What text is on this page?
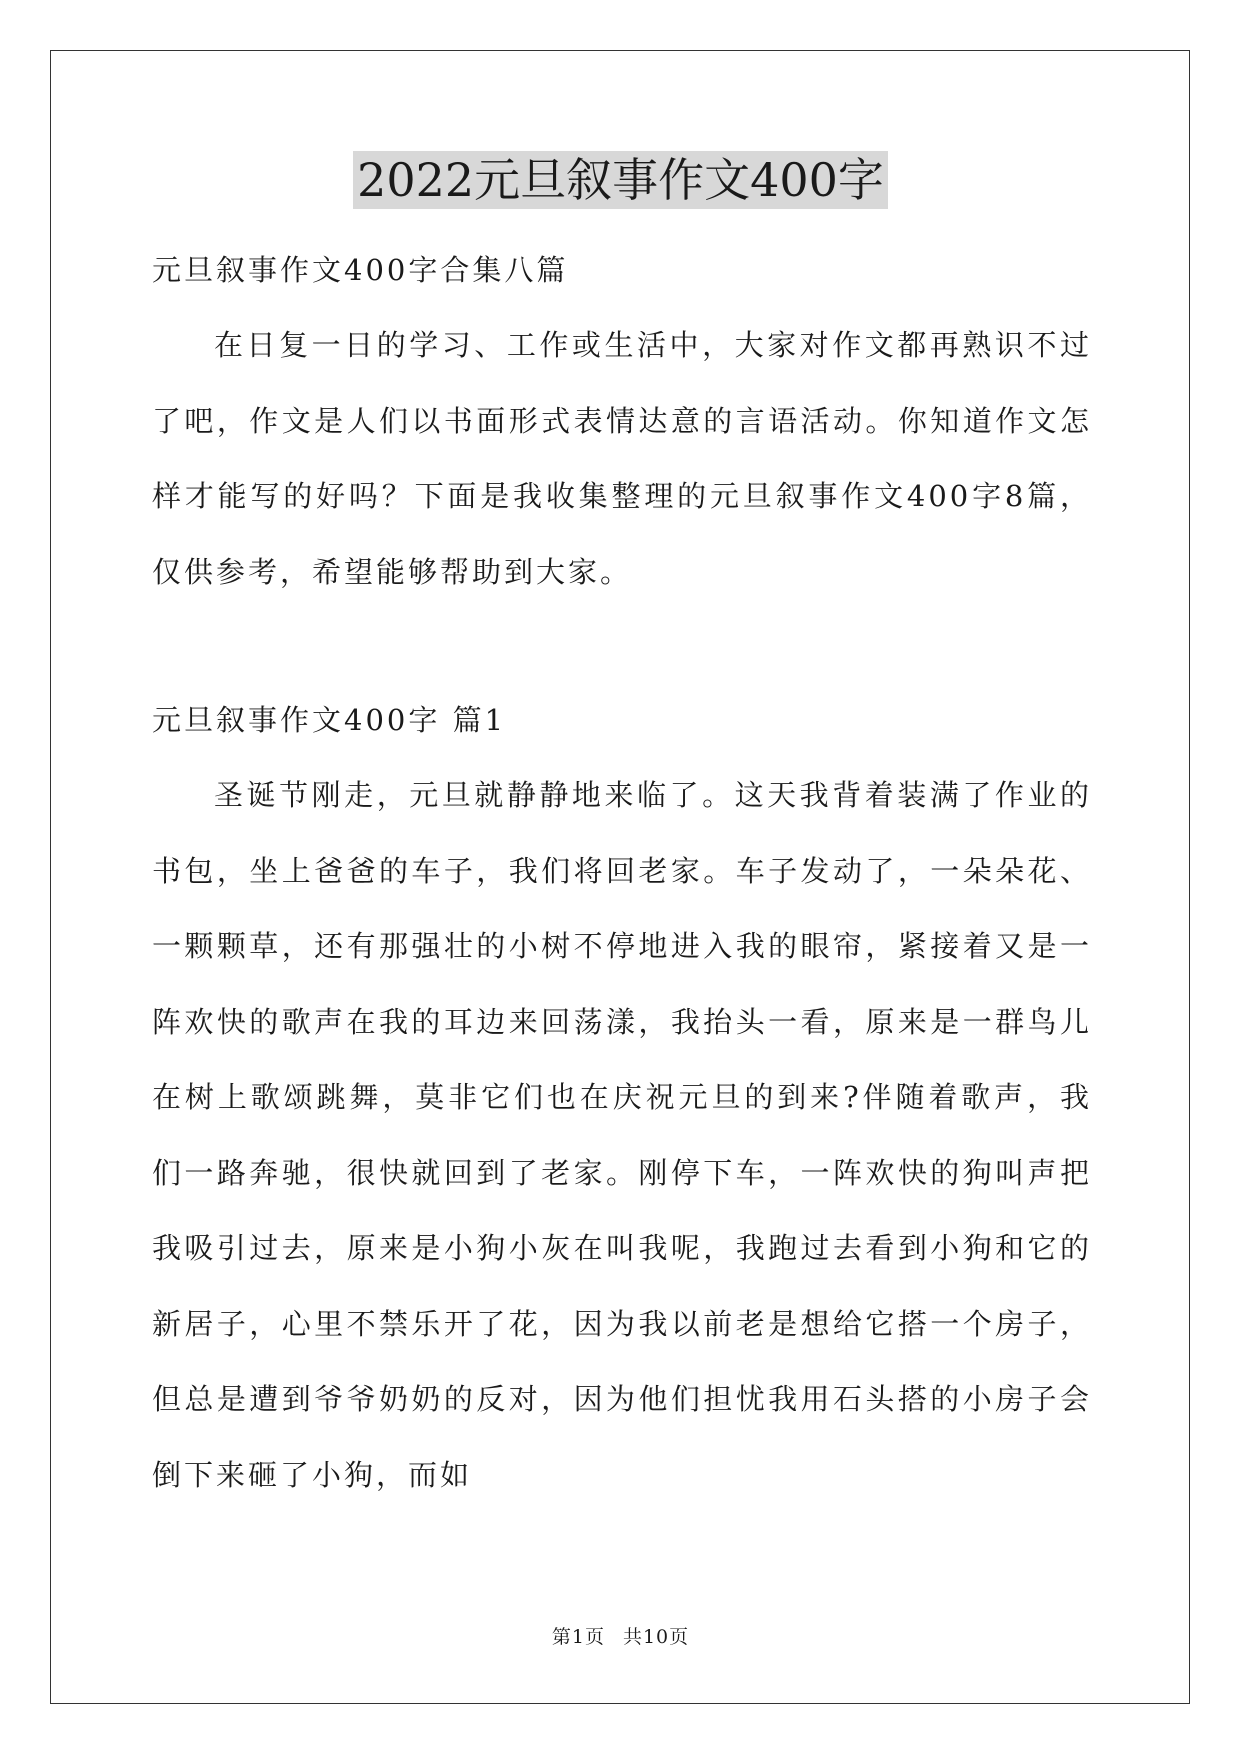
2022元旦叙事作文400字
元旦叙事作文400字合集八篇

在日复一日的学习、工作或生活中，大家对作文都再熟识不过了吧，作文是人们以书面形式表情达意的言语活动。你知道作文怎样才能写的好吗？下面是我收集整理的元旦叙事作文400字8篇，仅供参考，希望能够帮助到大家。

元旦叙事作文400字 篇1

圣诞节刚走，元旦就静静地来临了。这天我背着装满了作业的书包，坐上爸爸的车子，我们将回老家。车子发动了，一朵朵花、一颗颗草，还有那强壮的小树不停地进入我的眼帘，紧接着又是一阵欢快的歌声在我的耳边来回荡漾，我抬头一看，原来是一群鸟儿在树上歌颂跳舞，莫非它们也在庆祝元旦的到来?伴随着歌声，我们一路奔驰，很快就回到了老家。刚停下车，一阵欢快的狗叫声把我吸引过去，原来是小狗小灰在叫我呢，我跑过去看到小狗和它的新居子，心里不禁乐开了花，因为我以前老是想给它搭一个房子，但总是遭到爷爷奶奶的反对，因为他们担忧我用石头搭的小房子会倒下来砸了小狗，而如

第1页 共10页
